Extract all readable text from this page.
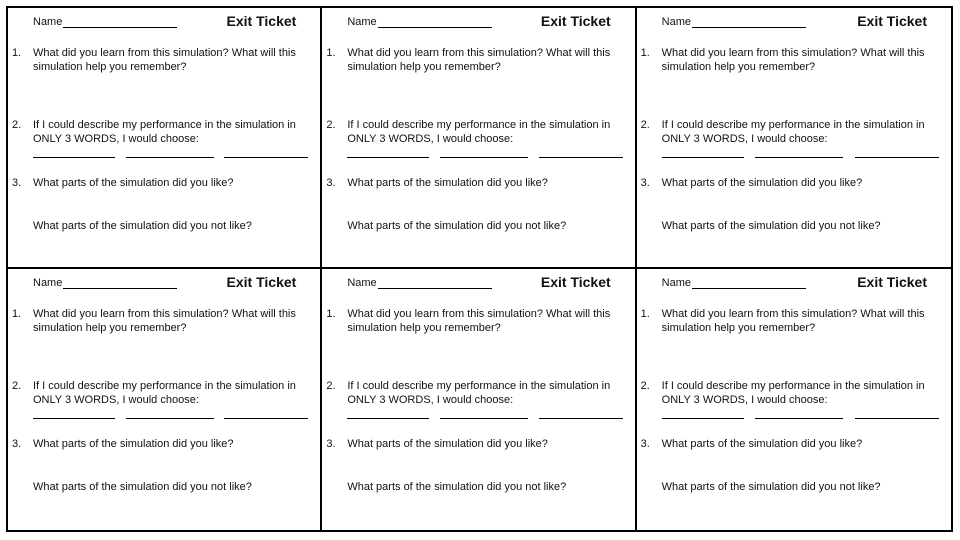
Name	Exit Ticket
1.	What did you learn from this simulation? What will this simulation help you remember?
2.	If I could describe my performance in the simulation in ONLY 3 WORDS, I would choose:
3.	What parts of the simulation did you like?
What parts of the simulation did you not like?
Name	Exit Ticket
1.	What did you learn from this simulation? What will this simulation help you remember?
2.	If I could describe my performance in the simulation in ONLY 3 WORDS, I would choose:
3.	What parts of the simulation did you like?
What parts of the simulation did you not like?
Name	Exit Ticket
1.	What did you learn from this simulation? What will this simulation help you remember?
2.	If I could describe my performance in the simulation in ONLY 3 WORDS, I would choose:
3.	What parts of the simulation did you like?
What parts of the simulation did you not like?
Name	Exit Ticket
1.	What did you learn from this simulation? What will this simulation help you remember?
2.	If I could describe my performance in the simulation in ONLY 3 WORDS, I would choose:
3.	What parts of the simulation did you like?
What parts of the simulation did you not like?
Name	Exit Ticket
1.	What did you learn from this simulation? What will this simulation help you remember?
2.	If I could describe my performance in the simulation in ONLY 3 WORDS, I would choose:
3.	What parts of the simulation did you like?
What parts of the simulation did you not like?
Name	Exit Ticket
1.	What did you learn from this simulation? What will this simulation help you remember?
2.	If I could describe my performance in the simulation in ONLY 3 WORDS, I would choose:
3.	What parts of the simulation did you like?
What parts of the simulation did you not like?
